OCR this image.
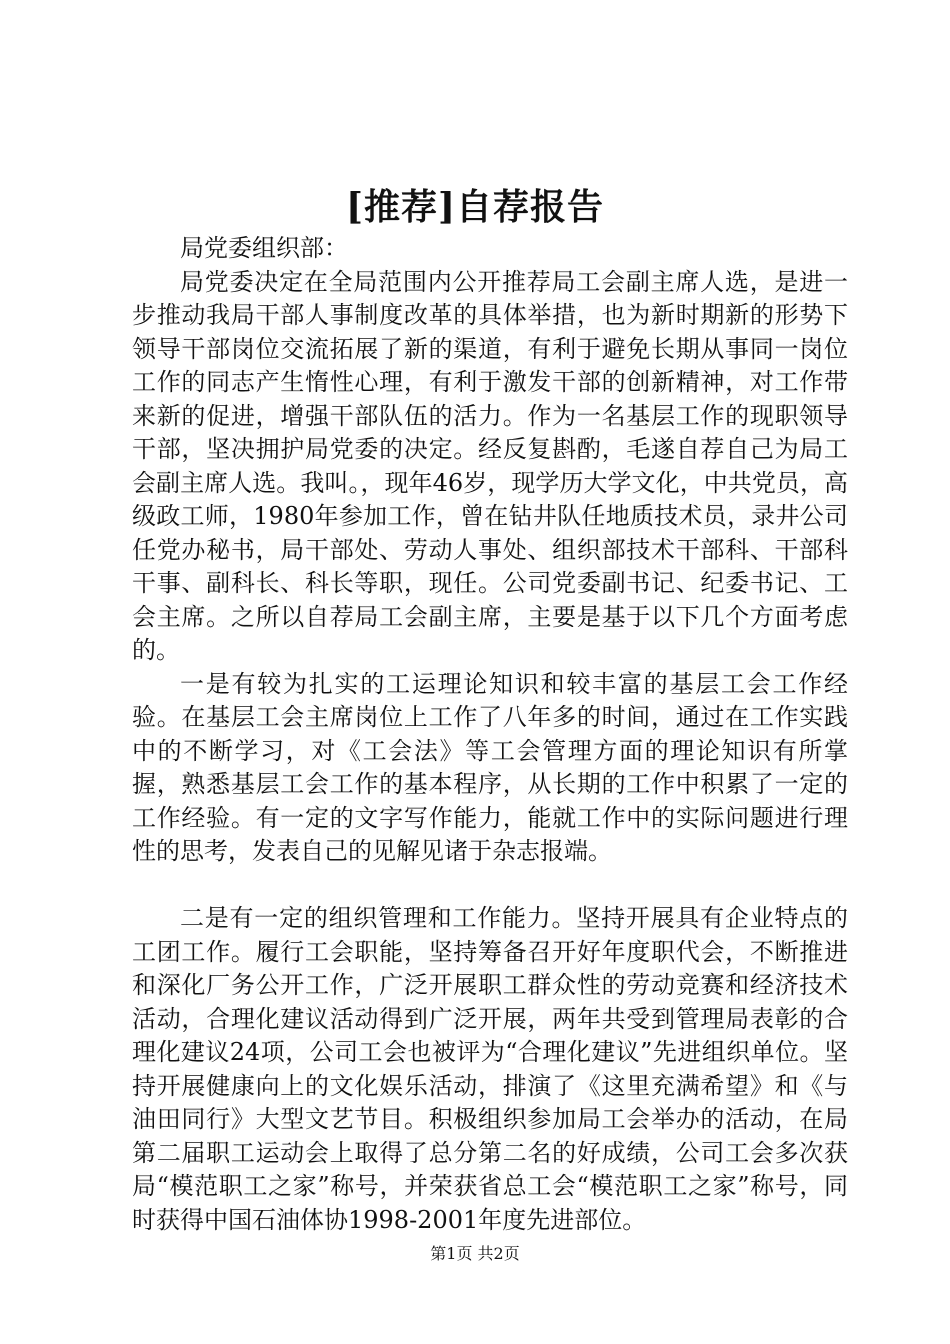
[推荐]自荐报告

局党委组织部：

局党委决定在全局范围内公开推荐局工会副主席人选，是进一步推动我局干部人事制度改革的具体举措，也为新时期新的形势下领导干部岗位交流拓展了新的渠道，有利于避免长期从事同一岗位工作的同志产生惰性心理，有利于激发干部的创新精神，对工作带来新的促进，增强干部队伍的活力。作为一名基层工作的现职领导干部，坚决拥护局党委的决定。经反复斟酌，毛遂自荐自己为局工会副主席人选。我叫。，现年46岁，现学历大学文化，中共党员，高级政工师，1980年参加工作，曾在钻井队任地质技术员，录井公司任党办秘书，局干部处、劳动人事处、组织部技术干部科、干部科干事、副科长、科长等职，现任。公司党委副书记、纪委书记、工会主席。之所以自荐局工会副主席，主要是基于以下几个方面考虑的。

一是有较为扎实的工运理论知识和较丰富的基层工会工作经验。在基层工会主席岗位上工作了八年多的时间，通过在工作实践中的不断学习，对《工会法》等工会管理方面的理论知识有所掌握，熟悉基层工会工作的基本程序，从长期的工作中积累了一定的工作经验。有一定的文字写作能力，能就工作中的实际问题进行理性的思考，发表自己的见解见诸于杂志报端。

二是有一定的组织管理和工作能力。坚持开展具有企业特点的工团工作。履行工会职能，坚持筹备召开好年度职代会，不断推进和深化厂务公开工作，广泛开展职工群众性的劳动竞赛和经济技术活动，合理化建议活动得到广泛开展，两年共受到管理局表彰的合理化建议24项，公司工会也被评为“合理化建议”先进组织单位。坚持开展健康向上的文化娱乐活动，排演了《这里充满希望》和《与油田同行》大型文艺节目。积极组织参加局工会举办的活动，在局第二届职工运动会上取得了总分第二名的好成绩，公司工会多次获局“模范职工之家”称号，并荣获省总工会“模范职工之家”称号，同时获得中国石油体协1998-2001年度先进部位。

第1页 共2页
